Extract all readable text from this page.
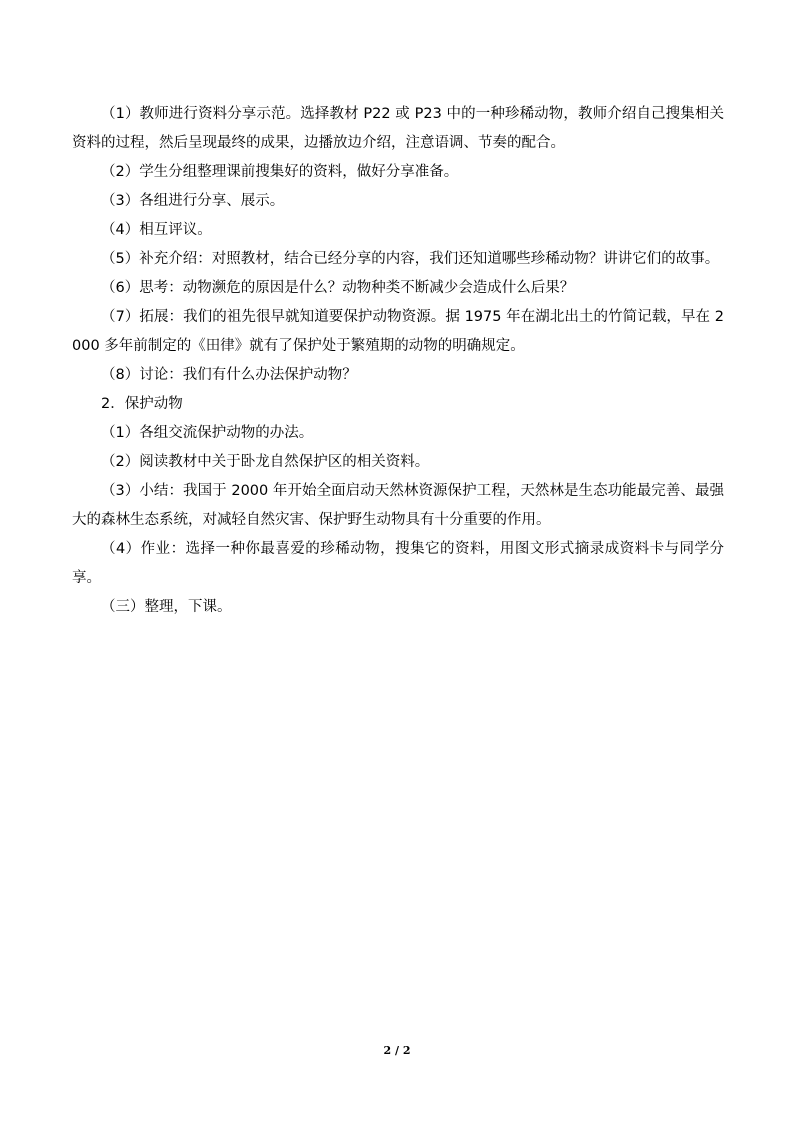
（1）教师进行资料分享示范。选择教材 P22 或 P23 中的一种珍稀动物，教师介绍自己搜集相关资料的过程，然后呈现最终的成果，边播放边介绍，注意语调、节奏的配合。

（2）学生分组整理课前搜集好的资料，做好分享准备。

（3）各组进行分享、展示。

（4）相互评议。

（5）补充介绍：对照教材，结合已经分享的内容，我们还知道哪些珍稀动物？讲讲它们的故事。

（6）思考：动物濒危的原因是什么？动物种类不断减少会造成什么后果？

（7）拓展：我们的祖先很早就知道要保护动物资源。据 1975 年在湖北出土的竹简记载，早在 2000 多年前制定的《田律》就有了保护处于繁殖期的动物的明确规定。

（8）讨论：我们有什么办法保护动物？

2．保护动物

（1）各组交流保护动物的办法。

（2）阅读教材中关于卧龙自然保护区的相关资料。

（3）小结：我国于 2000 年开始全面启动天然林资源保护工程，天然林是生态功能最完善、最强大的森林生态系统，对减轻自然灾害、保护野生动物具有十分重要的作用。

（4）作业：选择一种你最喜爱的珍稀动物，搜集它的资料，用图文形式摘录成资料卡与同学分享。

（三）整理，下课。

2 / 2
